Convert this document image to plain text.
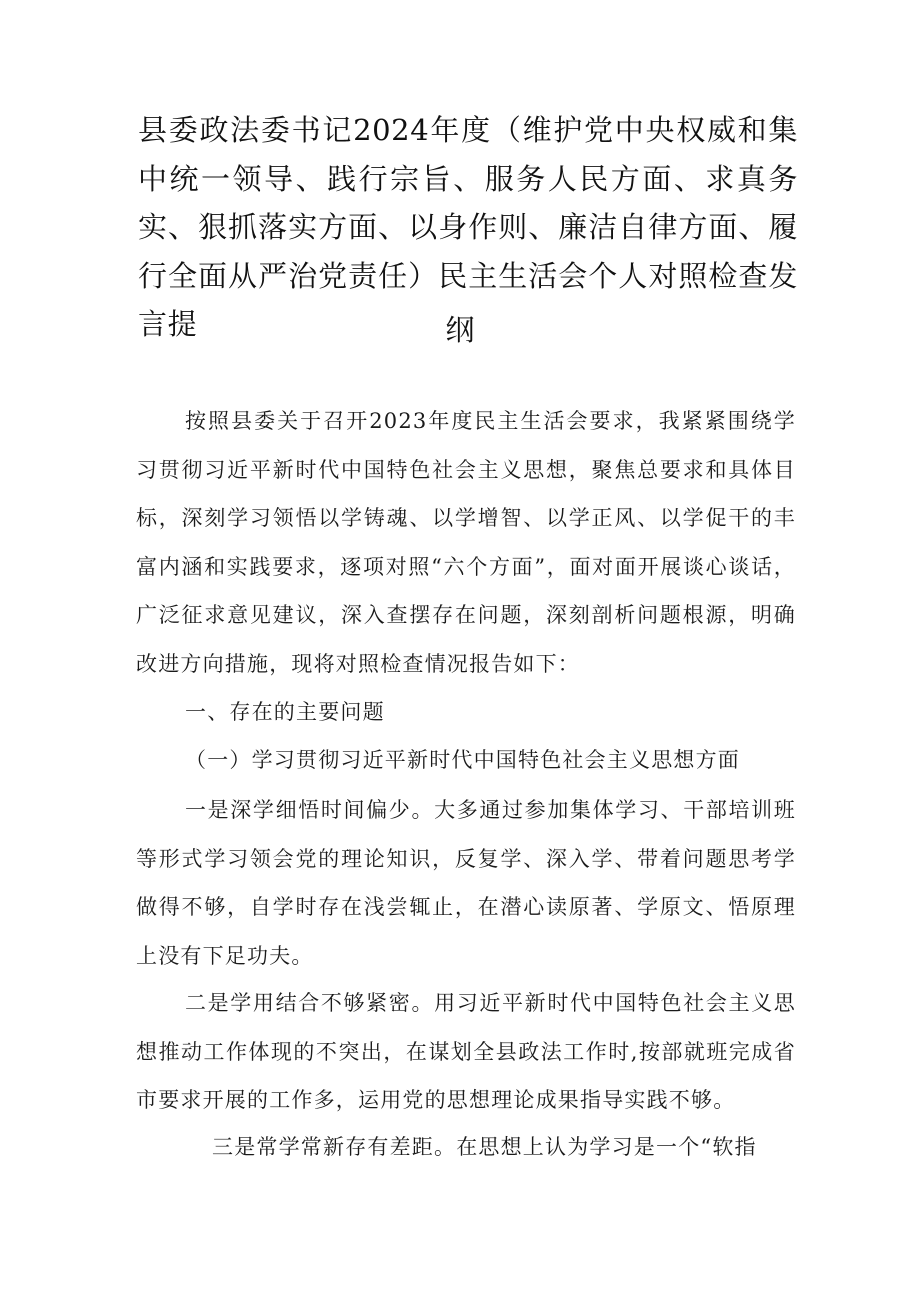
县委政法委书记2024年度（维护党中央权威和集中统一领导、践行宗旨、服务人民方面、求真务实、狠抓落实方面、以身作则、廉洁自律方面、履行全面从严治党责任）民主生活会个人对照检查发言提	纲
按照县委关于召开2023年度民主生活会要求，我紧紧围绕学习贯彻习近平新时代中国特色社会主义思想，聚焦总要求和具体目标，深刻学习领悟以学铸魂、以学增智、以学正风、以学促干的丰富内涵和实践要求，逐项对照“六个方面”，面对面开展谈心谈话，广泛征求意见建议，深入查摆存在问题，深刻剖析问题根源，明确改进方向措施，现将对照检查情况报告如下：
一、存在的主要问题
（一）学习贯彻习近平新时代中国特色社会主义思想方面
一是深学细悟时间偏少。大多通过参加集体学习、干部培训班等形式学习领会党的理论知识，反复学、深入学、带着问题思考学做得不够，自学时存在浅尝辄止，在潜心读原著、学原文、悟原理上没有下足功夫。
二是学用结合不够紧密。用习近平新时代中国特色社会主义思想推动工作体现的不突出，在谋划全县政法工作时,按部就班完成省市要求开展的工作多，运用党的思想理论成果指导实践不够。
三是常学常新存有差距。在思想上认为学习是一个“软指
